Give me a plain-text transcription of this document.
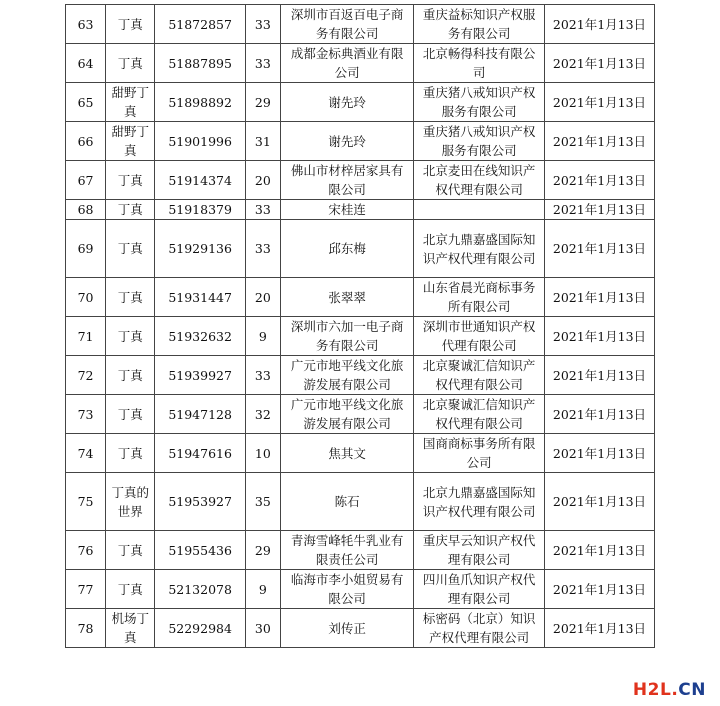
63	丁真	51872857	33	深圳市百返百电子商务有限公司	重庆益标知识产权服务有限公司	2021年1月13日
64	丁真	51887895	33	成都金标典酒业有限公司	北京畅得科技有限公司	2021年1月13日
65	甜野丁真	51898892	29	谢先玲	重庆猪八戒知识产权服务有限公司	2021年1月13日
66	甜野丁真	51901996	31	谢先玲	重庆猪八戒知识产权服务有限公司	2021年1月13日
67	丁真	51914374	20	佛山市材梓居家具有限公司	北京麦田在线知识产权代理有限公司	2021年1月13日
68	丁真	51918379	33	宋桂连		2021年1月13日
69	丁真	51929136	33	邱东梅	北京九鼎嘉盛国际知识产权代理有限公司	2021年1月13日
70	丁真	51931447	20	张翠翠	山东省晨光商标事务所有限公司	2021年1月13日
71	丁真	51932632	9	深圳市六加一电子商务有限公司	深圳市世通知识产权代理有限公司	2021年1月13日
72	丁真	51939927	33	广元市地平线文化旅游发展有限公司	北京聚诚汇信知识产权代理有限公司	2021年1月13日
73	丁真	51947128	32	广元市地平线文化旅游发展有限公司	北京聚诚汇信知识产权代理有限公司	2021年1月13日
74	丁真	51947616	10	焦其文	国商商标事务所有限公司	2021年1月13日
75	丁真的世界	51953927	35	陈石	北京九鼎嘉盛国际知识产权代理有限公司	2021年1月13日
76	丁真	51955436	29	青海雪峰牦牛乳业有限责任公司	重庆早云知识产权代理有限公司	2021年1月13日
77	丁真	52132078	9	临海市李小姐贸易有限公司	四川鱼爪知识产权代理有限公司	2021年1月13日
78	机场丁真	52292984	30	刘传正	标密码（北京）知识产权代理有限公司	2021年1月13日
H2L.CN
